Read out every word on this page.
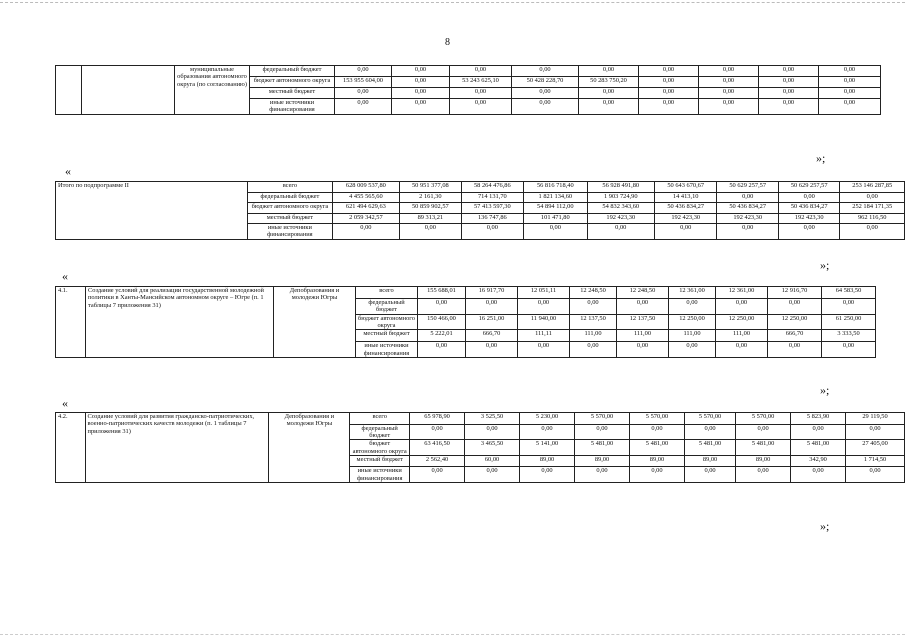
8
		муниципальные образования автономного округа (по согласованию)	федеральный бюджет	0,00	0,00	0,00	0,00	0,00	0,00	0,00	0,00	0,00
			бюджет автономного округа	153 955 604,00	0,00	53 243 625,10	50 428 228,70	50 283 750,20	0,00	0,00	0,00	0,00
			местный бюджет	0,00	0,00	0,00	0,00	0,00	0,00	0,00	0,00	0,00
			иные источники финансирования	0,00	0,00	0,00	0,00	0,00	0,00	0,00	0,00	0,00
«
»;
Итого по подпрограмме II	всего	628 009 537,80	50 951 377,08	58 264 476,86	56 816 718,40	56 928 491,80	50 643 670,67	50 629 257,57	50 629 257,57	253 146 287,85
	федеральный бюджет	4 455 565,60	2 161,30	714 131,70	1 821 134,60	1 903 724,90	14 413,10	0,00	0,00	0,00
	бюджет автономного округа	621 494 629,63	50 859 902,57	57 413 597,30	54 894 112,00	54 832 343,60	50 436 834,27	50 436 834,27	50 436 834,27	252 184 171,35
	местный бюджет	2 059 342,57	89 313,21	136 747,86	101 471,80	192 423,30	192 423,30	192 423,30	192 423,30	962 116,50
	иные источники финансирования	0,00	0,00	0,00	0,00	0,00	0,00	0,00	0,00	0,00
«
»;
4.1.	Создание условий для реализации государственной молодежной политики в Ханты-Мансийском автономном округе – Югре (п. 1 таблицы 7 приложения 31)	Депобразования и молодежи Югры	всего	155 688,01	16 917,70	12 051,11	12 248,50	12 248,50	12 361,00	12 361,00	12 916,70	64 583,50
			федеральный бюджет	0,00	0,00	0,00	0,00	0,00	0,00	0,00	0,00	0,00
			бюджет автономного округа	150 466,00	16 251,00	11 940,00	12 137,50	12 137,50	12 250,00	12 250,00	12 250,00	61 250,00
			местный бюджет	5 222,01	666,70	111,11	111,00	111,00	111,00	111,00	666,70	3 333,50
			иные источники финансирования	0,00	0,00	0,00	0,00	0,00	0,00	0,00	0,00	0,00
«
»;
4.2.	Создание условий для развития гражданско-патриотических, военно-патриотических качеств молодежи (п. 1 таблицы 7 приложения 31)	Депобразования и молодежи Югры	всего	65 978,90	3 525,50	5 230,00	5 570,00	5 570,00	5 570,00	5 570,00	5 823,90	29 119,50
			федеральный бюджет	0,00	0,00	0,00	0,00	0,00	0,00	0,00	0,00	0,00
			бюджет автономного округа	63 416,50	3 465,50	5 141,00	5 481,00	5 481,00	5 481,00	5 481,00	5 481,00	27 405,00
			местный бюджет	2 562,40	60,00	89,00	89,00	89,00	89,00	89,00	342,90	1 714,50
			иные источники финансирования	0,00	0,00	0,00	0,00	0,00	0,00	0,00	0,00	0,00
»;
